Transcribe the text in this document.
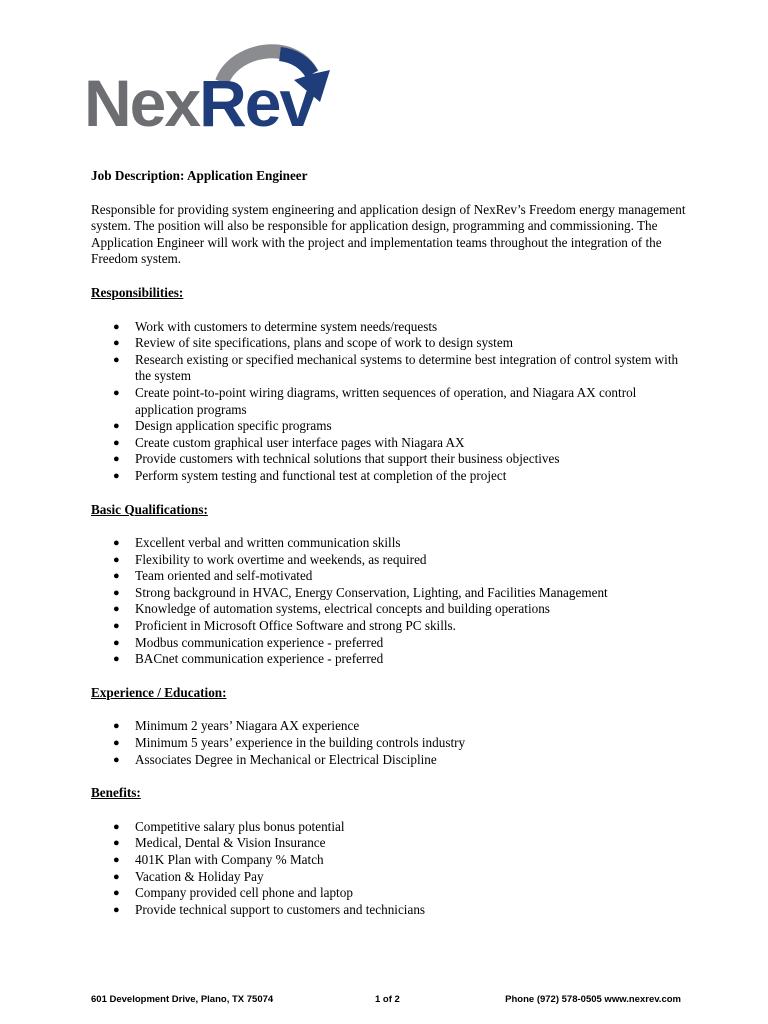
NexRev

Job Description: Application Engineer

Responsible for providing system engineering and application design of NexRev’s Freedom energy management system. The position will also be responsible for application design, programming and commissioning. The Application Engineer will work with the project and implementation teams throughout the integration of the Freedom system.

Responsibilities:

● Work with customers to determine system needs/requests
● Review of site specifications, plans and scope of work to design system
● Research existing or specified mechanical systems to determine best integration of control system with the system
● Create point-to-point wiring diagrams, written sequences of operation, and Niagara AX control application programs
● Design application specific programs
● Create custom graphical user interface pages with Niagara AX
● Provide customers with technical solutions that support their business objectives
● Perform system testing and functional test at completion of the project

Basic Qualifications:

● Excellent verbal and written communication skills
● Flexibility to work overtime and weekends, as required
● Team oriented and self-motivated
● Strong background in HVAC, Energy Conservation, Lighting, and Facilities Management
● Knowledge of automation systems, electrical concepts and building operations
● Proficient in Microsoft Office Software and strong PC skills.
● Modbus communication experience - preferred
● BACnet communication experience - preferred

Experience / Education:

● Minimum 2 years’ Niagara AX experience
● Minimum 5 years’ experience in the building controls industry
● Associates Degree in Mechanical or Electrical Discipline

Benefits:

● Competitive salary plus bonus potential
● Medical, Dental & Vision Insurance
● 401K Plan with Company % Match
● Vacation & Holiday Pay
● Company provided cell phone and laptop
● Provide technical support to customers and technicians
601 Development Drive, Plano, TX 75074	1 of 2	Phone (972) 578-0505 www.nexrev.com
